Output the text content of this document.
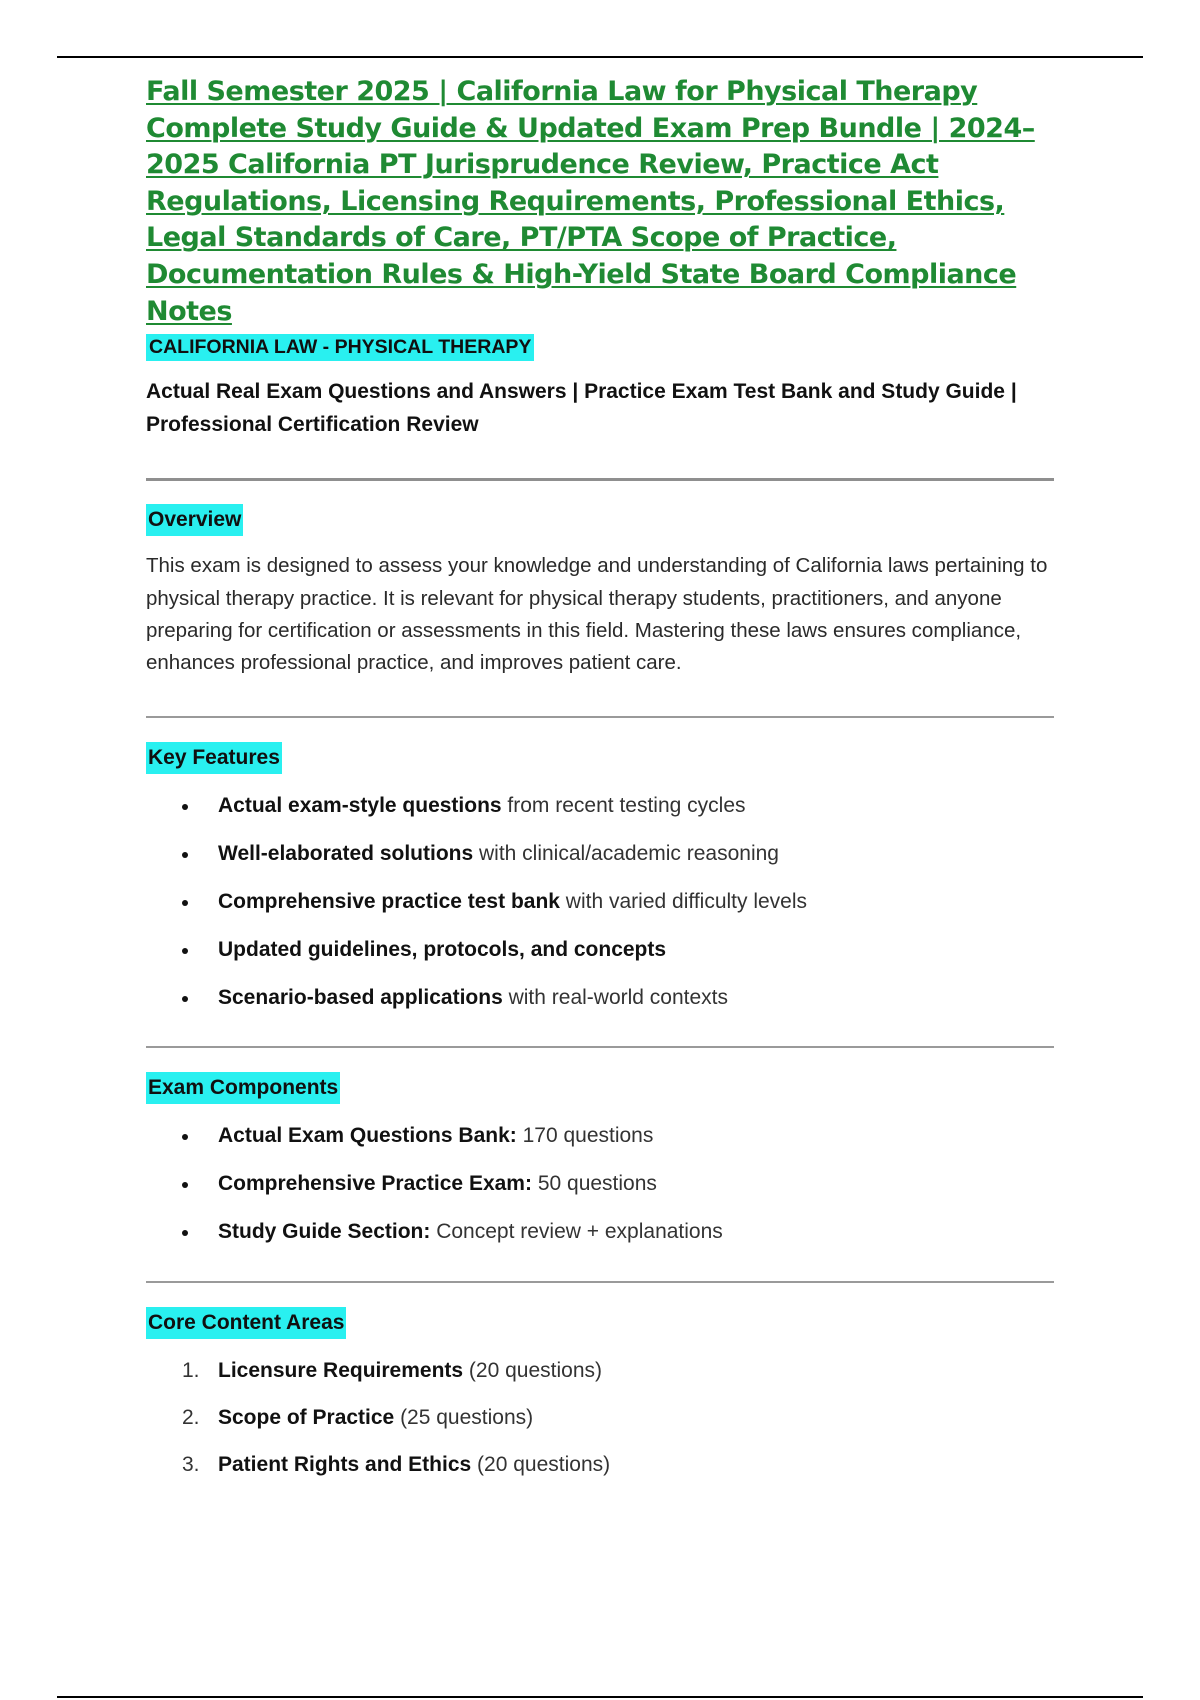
Fall Semester 2025 | California Law for Physical Therapy Complete Study Guide & Updated Exam Prep Bundle | 2024–2025 California PT Jurisprudence Review, Practice Act Regulations, Licensing Requirements, Professional Ethics, Legal Standards of Care, PT/PTA Scope of Practice, Documentation Rules & High-Yield State Board Compliance Notes
CALIFORNIA LAW - PHYSICAL THERAPY

Actual Real Exam Questions and Answers | Practice Exam Test Bank and Study Guide | Professional Certification Review

Overview

This exam is designed to assess your knowledge and understanding of California laws pertaining to physical therapy practice. It is relevant for physical therapy students, practitioners, and anyone preparing for certification or assessments in this field. Mastering these laws ensures compliance, enhances professional practice, and improves patient care.

Key Features
Actual exam-style questions from recent testing cycles
Well-elaborated solutions with clinical/academic reasoning
Comprehensive practice test bank with varied difficulty levels
Updated guidelines, protocols, and concepts
Scenario-based applications with real-world contexts
Exam Components
Actual Exam Questions Bank: 170 questions
Comprehensive Practice Exam: 50 questions
Study Guide Section: Concept review + explanations
Core Content Areas
1. Licensure Requirements (20 questions)
2. Scope of Practice (25 questions)
3. Patient Rights and Ethics (20 questions)
